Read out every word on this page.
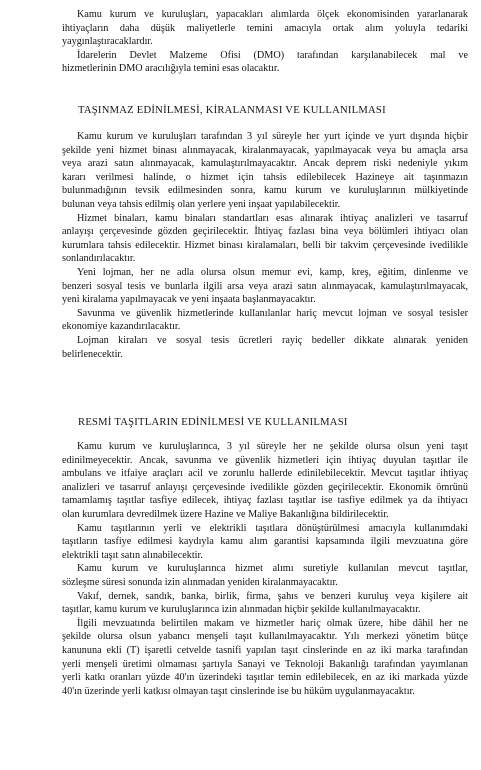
Kamu kurum ve kuruluşları, yapacakları alımlarda ölçek ekonomisinden yararlanarak
ihtiyaçların daha düşük maliyetlerle temini amacıyla ortak alım yoluyla tedariki
yaygınlaştıracaklardır.
İdarelerin Devlet Malzeme Ofisi (DMO) tarafından karşılanabilecek mal ve
hizmetlerinin DMO aracılığıyla temini esas olacaktır.
TAŞINMAZ EDİNİLMESİ, KİRALANMASI VE KULLANILMASI
Kamu kurum ve kuruluşları tarafından 3 yıl süreyle her yurt içinde ve yurt dışında hiçbir
şekilde yeni hizmet binası alınmayacak, kiralanmayacak, yapılmayacak veya bu amaçla arsa
veya arazi satın alınmayacak, kamulaştırılmayacaktır. Ancak deprem riski nedeniyle yıkım
kararı verilmesi halinde, o hizmet için tahsis edilebilecek Hazineye ait taşınmazın
bulunmadığının tevsik edilmesinden sonra, kamu kurum ve kuruluşlarının mülkiyetinde
bulunan veya tahsis edilmiş olan yerlere yeni inşaat yapılabilecektir.
Hizmet binaları, kamu binaları standartları esas alınarak ihtiyaç analizleri ve tasarruf
anlayışı çerçevesinde gözden geçirilecektir. İhtiyaç fazlası bina veya bölümleri ihtiyacı olan
kurumlara tahsis edilecektir. Hizmet binası kiralamaları, belli bir takvim çerçevesinde ivedilikle
sonlandırılacaktır.
Yeni lojman, her ne adla olursa olsun memur evi, kamp, kreş, eğitim, dinlenme ve
benzeri sosyal tesis ve bunlarla ilgili arsa veya arazi satın alınmayacak, kamulaştırılmayacak,
yeni kiralama yapılmayacak ve yeni inşaata başlanmayacaktır.
Savunma ve güvenlik hizmetlerinde kullanılanlar hariç mevcut lojman ve sosyal tesisler
ekonomiye kazandırılacaktır.
Lojman kiraları ve sosyal tesis ücretleri rayiç bedeller dikkate alınarak yeniden
belirlenecektir.
RESMİ TAŞITLARIN EDİNİLMESİ VE KULLANILMASI
Kamu kurum ve kuruluşlarınca, 3 yıl süreyle her ne şekilde olursa olsun yeni taşıt
edinilmeyecektir. Ancak, savunma ve güvenlik hizmetleri için ihtiyaç duyulan taşıtlar ile
ambulans ve itfaiye araçları acil ve zorunlu hallerde edinilebilecektir. Mevcut taşıtlar ihtiyaç
analizleri ve tasarruf anlayışı çerçevesinde ivedilikle gözden geçirilecektir. Ekonomik ömrünü
tamamlamış taşıtlar tasfiye edilecek, ihtiyaç fazlası taşıtlar ise tasfiye edilmek ya da ihtiyacı
olan kurumlara devredilmek üzere Hazine ve Maliye Bakanlığına bildirilecektir.
Kamu taşıtlarının yerli ve elektrikli taşıtlara dönüştürülmesi amacıyla kullanımdaki
taşıtların tasfiye edilmesi kaydıyla kamu alım garantisi kapsamında ilgili mevzuatına göre
elektrikli taşıt satın alınabilecektir.
Kamu kurum ve kuruluşlarınca hizmet alımı suretiyle kullanılan mevcut taşıtlar,
sözleşme süresi sonunda izin alınmadan yeniden kiralanmayacaktır.
Vakıf, dernek, sandık, banka, birlik, firma, şahıs ve benzeri kuruluş veya kişilere ait
taşıtlar, kamu kurum ve kuruluşlarınca izin alınmadan hiçbir şekilde kullanılmayacaktır.
İlgili mevzuatında belirtilen makam ve hizmetler hariç olmak üzere, hibe dâhil her ne
şekilde olursa olsun yabancı menşeli taşıt kullanılmayacaktır. Yılı merkezi yönetim bütçe
kanununa ekli (T) işaretli cetvelde tasnifi yapılan taşıt cinslerinde en az iki marka tarafından
yerli menşeli üretimi olmaması şartıyla Sanayi ve Teknoloji Bakanlığı tarafından yayımlanan
yerli katkı oranları yüzde 40'ın üzerindeki taşıtlar temin edilebilecek, en az iki markada yüzde
40'ın üzerinde yerli katkısı olmayan taşıt cinslerinde ise bu hüküm uygulanmayacaktır.
